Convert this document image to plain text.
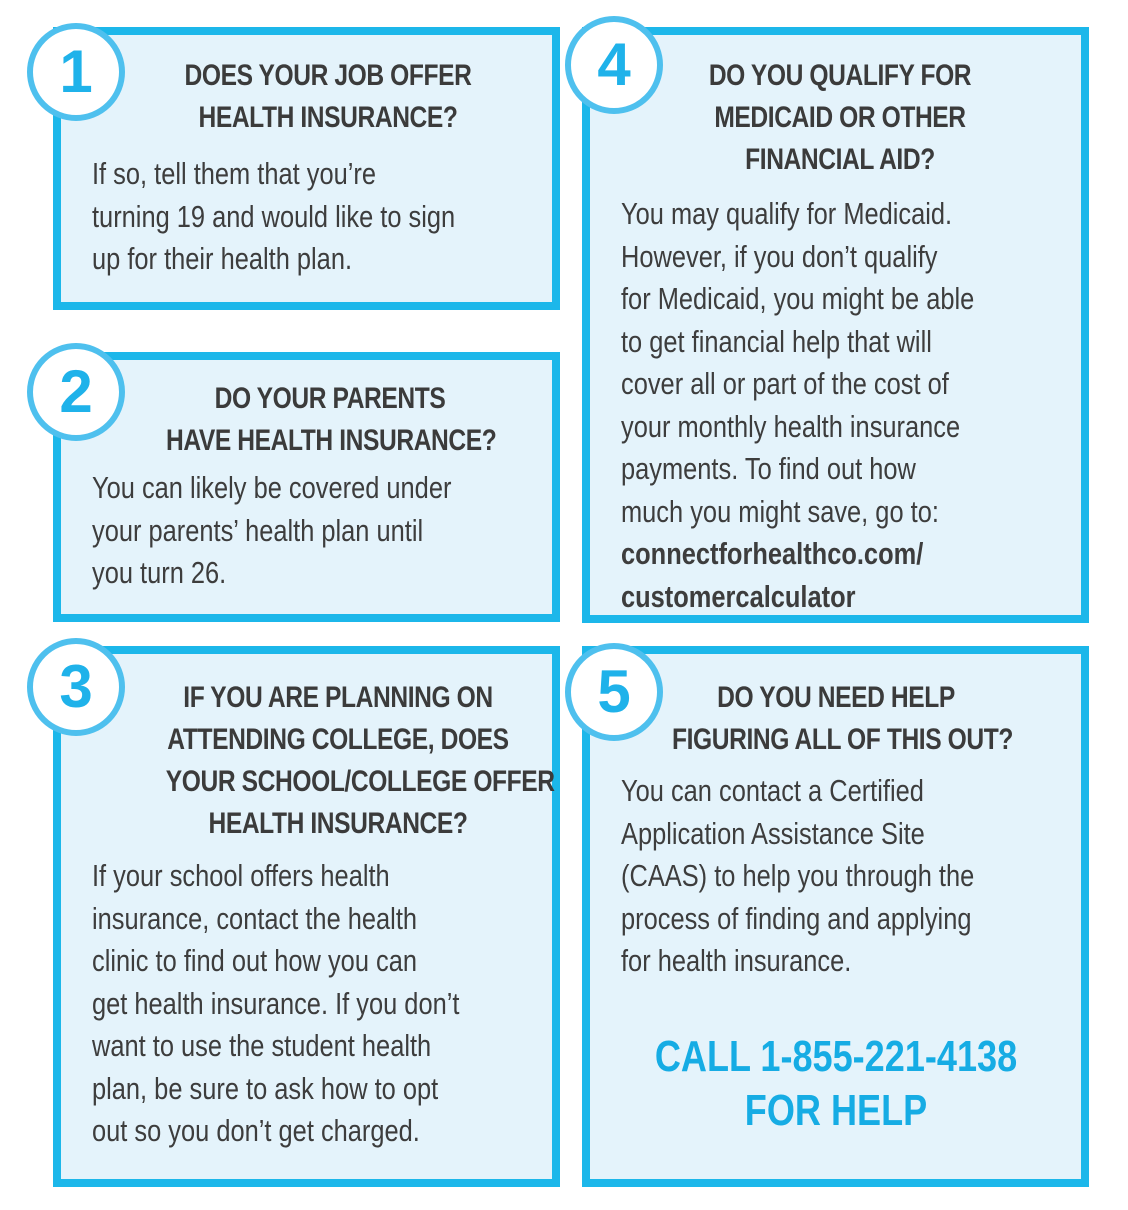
1	DOES YOUR JOB OFFER
HEALTH INSURANCE?
If so, tell them that you’re
turning 19 and would like to sign
up for their health plan.
2	DO YOUR PARENTS
HAVE HEALTH INSURANCE?
You can likely be covered under
your parents’ health plan until
you turn 26.
3	IF YOU ARE PLANNING ON
ATTENDING COLLEGE, DOES
YOUR SCHOOL/COLLEGE OFFER
HEALTH INSURANCE?
If your school offers health
insurance, contact the health
clinic to find out how you can
get health insurance. If you don’t
want to use the student health
plan, be sure to ask how to opt
out so you don’t get charged.
4	DO YOU QUALIFY FOR
MEDICAID OR OTHER
FINANCIAL AID?
You may qualify for Medicaid.
However, if you don’t qualify
for Medicaid, you might be able
to get financial help that will
cover all or part of the cost of
your monthly health insurance
payments. To find out how
much you might save, go to:
connectforhealthco.com/
customercalculator
5	DO YOU NEED HELP
FIGURING ALL OF THIS OUT?
You can contact a Certified
Application Assistance Site
(CAAS) to help you through the
process of finding and applying
for health insurance.
CALL 1-855-221-4138
FOR HELP
